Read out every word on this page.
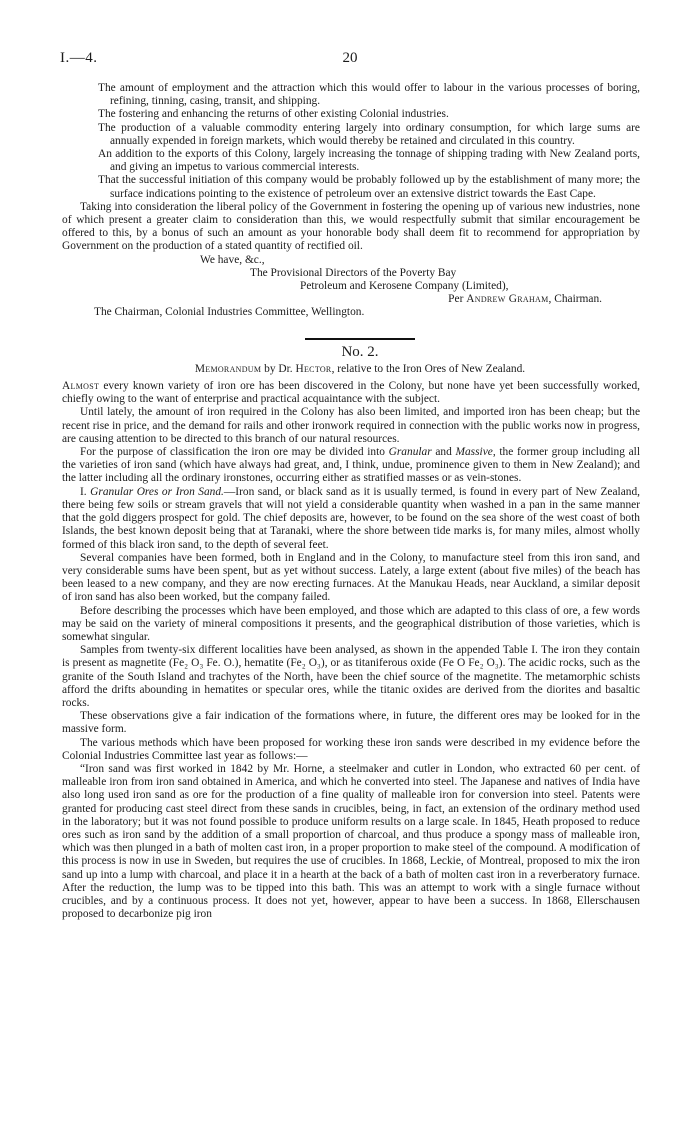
I.—4.	20

The amount of employment and the attraction which this would offer to labour in the various processes of boring, refining, tinning, casing, transit, and shipping.

The fostering and enhancing the returns of other existing Colonial industries.

The production of a valuable commodity entering largely into ordinary consumption, for which large sums are annually expended in foreign markets, which would thereby be retained and circulated in this country.

An addition to the exports of this Colony, largely increasing the tonnage of shipping trading with New Zealand ports, and giving an impetus to various commercial interests.

That the successful initiation of this company would be probably followed up by the establishment of many more; the surface indications pointing to the existence of petroleum over an extensive district towards the East Cape.

Taking into consideration the liberal policy of the Government in fostering the opening up of various new industries, none of which present a greater claim to consideration than this, we would respectfully submit that similar encouragement be offered to this, by a bonus of such an amount as your honorable body shall deem fit to recommend for appropriation by Government on the production of a stated quantity of rectified oil.

We have, &c.,

The Provisional Directors of the Poverty Bay

Petroleum and Kerosene Company (Limited),

Per Andrew Graham, Chairman.

The Chairman, Colonial Industries Committee, Wellington.

No. 2.

Memorandum by Dr. Hector, relative to the Iron Ores of New Zealand.

Almost every known variety of iron ore has been discovered in the Colony, but none have yet been successfully worked, chiefly owing to the want of enterprise and practical acquaintance with the subject.

Until lately, the amount of iron required in the Colony has also been limited, and imported iron has been cheap; but the recent rise in price, and the demand for rails and other ironwork required in connection with the public works now in progress, are causing attention to be directed to this branch of our natural resources.

For the purpose of classification the iron ore may be divided into Granular and Massive, the former group including all the varieties of iron sand (which have always had great, and, I think, undue, prominence given to them in New Zealand); and the latter including all the ordinary ironstones, occurring either as stratified masses or as vein-stones.

I. Granular Ores or Iron Sand.—Iron sand, or black sand as it is usually termed, is found in every part of New Zealand, there being few soils or stream gravels that will not yield a considerable quantity when washed in a pan in the same manner that the gold diggers prospect for gold. The chief deposits are, however, to be found on the sea shore of the west coast of both Islands, the best known deposit being that at Taranaki, where the shore between tide marks is, for many miles, almost wholly formed of this black iron sand, to the depth of several feet.

Several companies have been formed, both in England and in the Colony, to manufacture steel from this iron sand, and very considerable sums have been spent, but as yet without success. Lately, a large extent (about five miles) of the beach has been leased to a new company, and they are now erecting furnaces. At the Manukau Heads, near Auckland, a similar deposit of iron sand has also been worked, but the company failed.

Before describing the processes which have been employed, and those which are adapted to this class of ore, a few words may be said on the variety of mineral compositions it presents, and the geographical distribution of those varieties, which is somewhat singular.

Samples from twenty-six different localities have been analysed, as shown in the appended Table I. The iron they contain is present as magnetite (Fe₂ O₃ Fe. O.), hematite (Fe₂ O₃), or as titaniferous oxide (Fe O Fe₂ O₃). The acidic rocks, such as the granite of the South Island and trachytes of the North, have been the chief source of the magnetite. The metamorphic schists afford the drifts abounding in hematites or specular ores, while the titanic oxides are derived from the diorites and basaltic rocks.

These observations give a fair indication of the formations where, in future, the different ores may be looked for in the massive form.

The various methods which have been proposed for working these iron sands were described in my evidence before the Colonial Industries Committee last year as follows:—

“Iron sand was first worked in 1842 by Mr. Horne, a steelmaker and cutler in London, who extracted 60 per cent. of malleable iron from iron sand obtained in America, and which he converted into steel. The Japanese and natives of India have also long used iron sand as ore for the production of a fine quality of malleable iron for conversion into steel. Patents were granted for producing cast steel direct from these sands in crucibles, being, in fact, an extension of the ordinary method used in the laboratory; but it was not found possible to produce uniform results on a large scale. In 1845, Heath proposed to reduce ores such as iron sand by the addition of a small proportion of charcoal, and thus produce a spongy mass of malleable iron, which was then plunged in a bath of molten cast iron, in a proper proportion to make steel of the compound. A modification of this process is now in use in Sweden, but requires the use of crucibles. In 1868, Leckie, of Montreal, proposed to mix the iron sand up into a lump with charcoal, and place it in a hearth at the back of a bath of molten cast iron in a reverberatory furnace. After the reduction, the lump was to be tipped into this bath. This was an attempt to work with a single furnace without crucibles, and by a continuous process. It does not yet, however, appear to have been a success. In 1868, Ellerschausen proposed to decarbonize pig iron
